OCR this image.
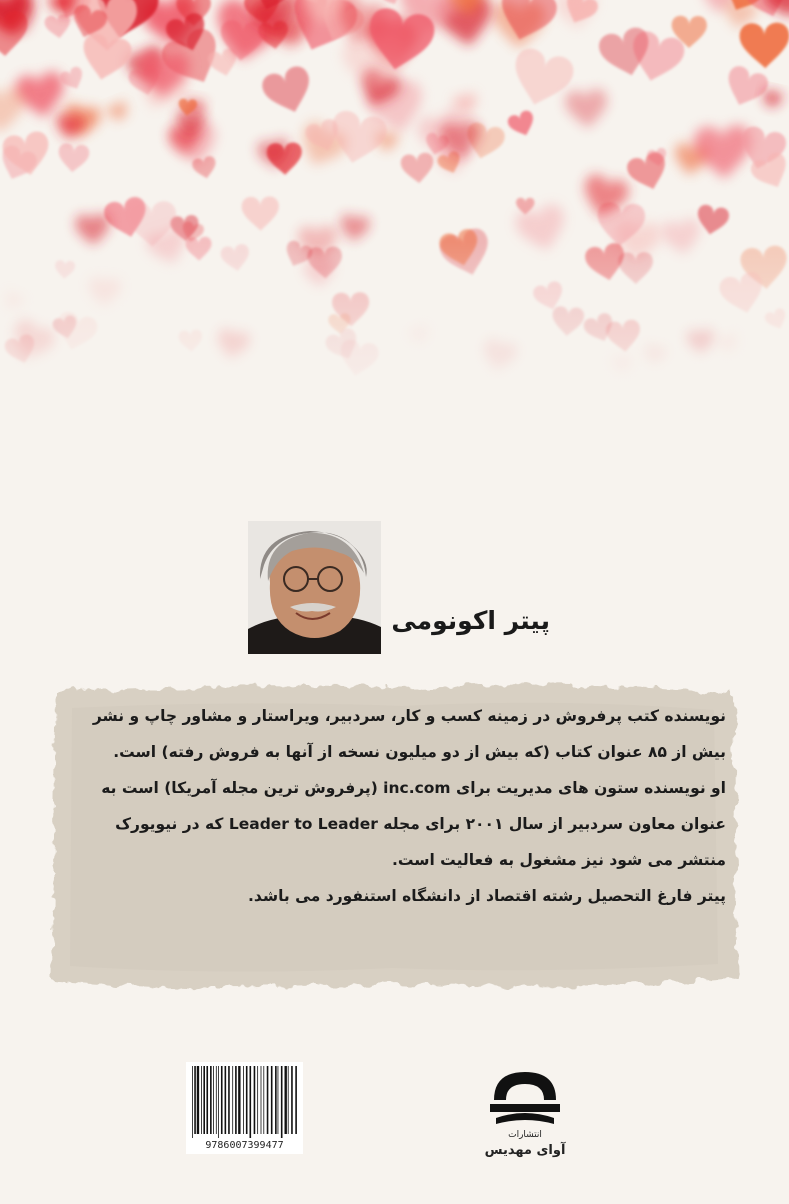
پیتر اکونومی

نویسنده کتب پرفروش در زمینه کسب و کار، سردبیر، ویراستار و مشاور چاپ و نشر بیش از ۸۵ عنوان کتاب (که بیش از دو میلیون نسخه از آنها به فروش رفته) است.

او نویسنده ستون های مدیریت برای inc.com (پرفروش ترین مجله آمریکا) است به عنوان معاون سردبیر از سال ۲۰۰۱ برای مجله Leader to Leader که در نیویورک منتشر می شود نیز مشغول به فعالیت است.

پیتر فارغ التحصیل رشته اقتصاد از دانشگاه استنفورد می باشد.

9786007399477
انتشارات
آوای مهدیس
